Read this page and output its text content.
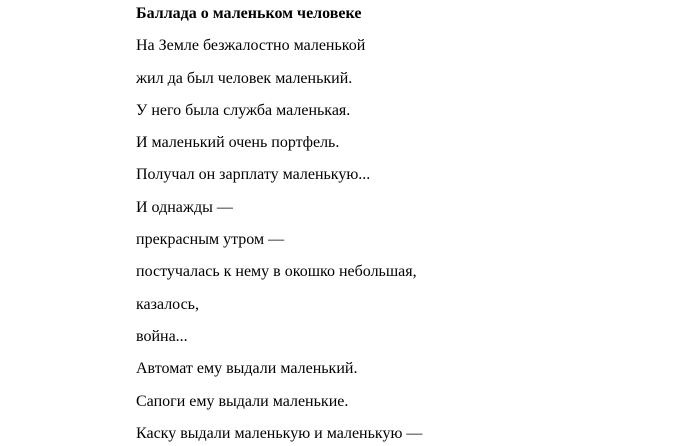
Баллада о маленьком человеке
На Земле безжалостно маленькой
жил да был человек маленький.
У него была служба маленькая.
И маленький очень портфель.
Получал он зарплату маленькую...
И однажды —
прекрасным утром —
постучалась к нему в окошко небольшая,
казалось,
война...
Автомат ему выдали маленький.
Сапоги ему выдали маленькие.
Каску выдали маленькую и маленькую —
